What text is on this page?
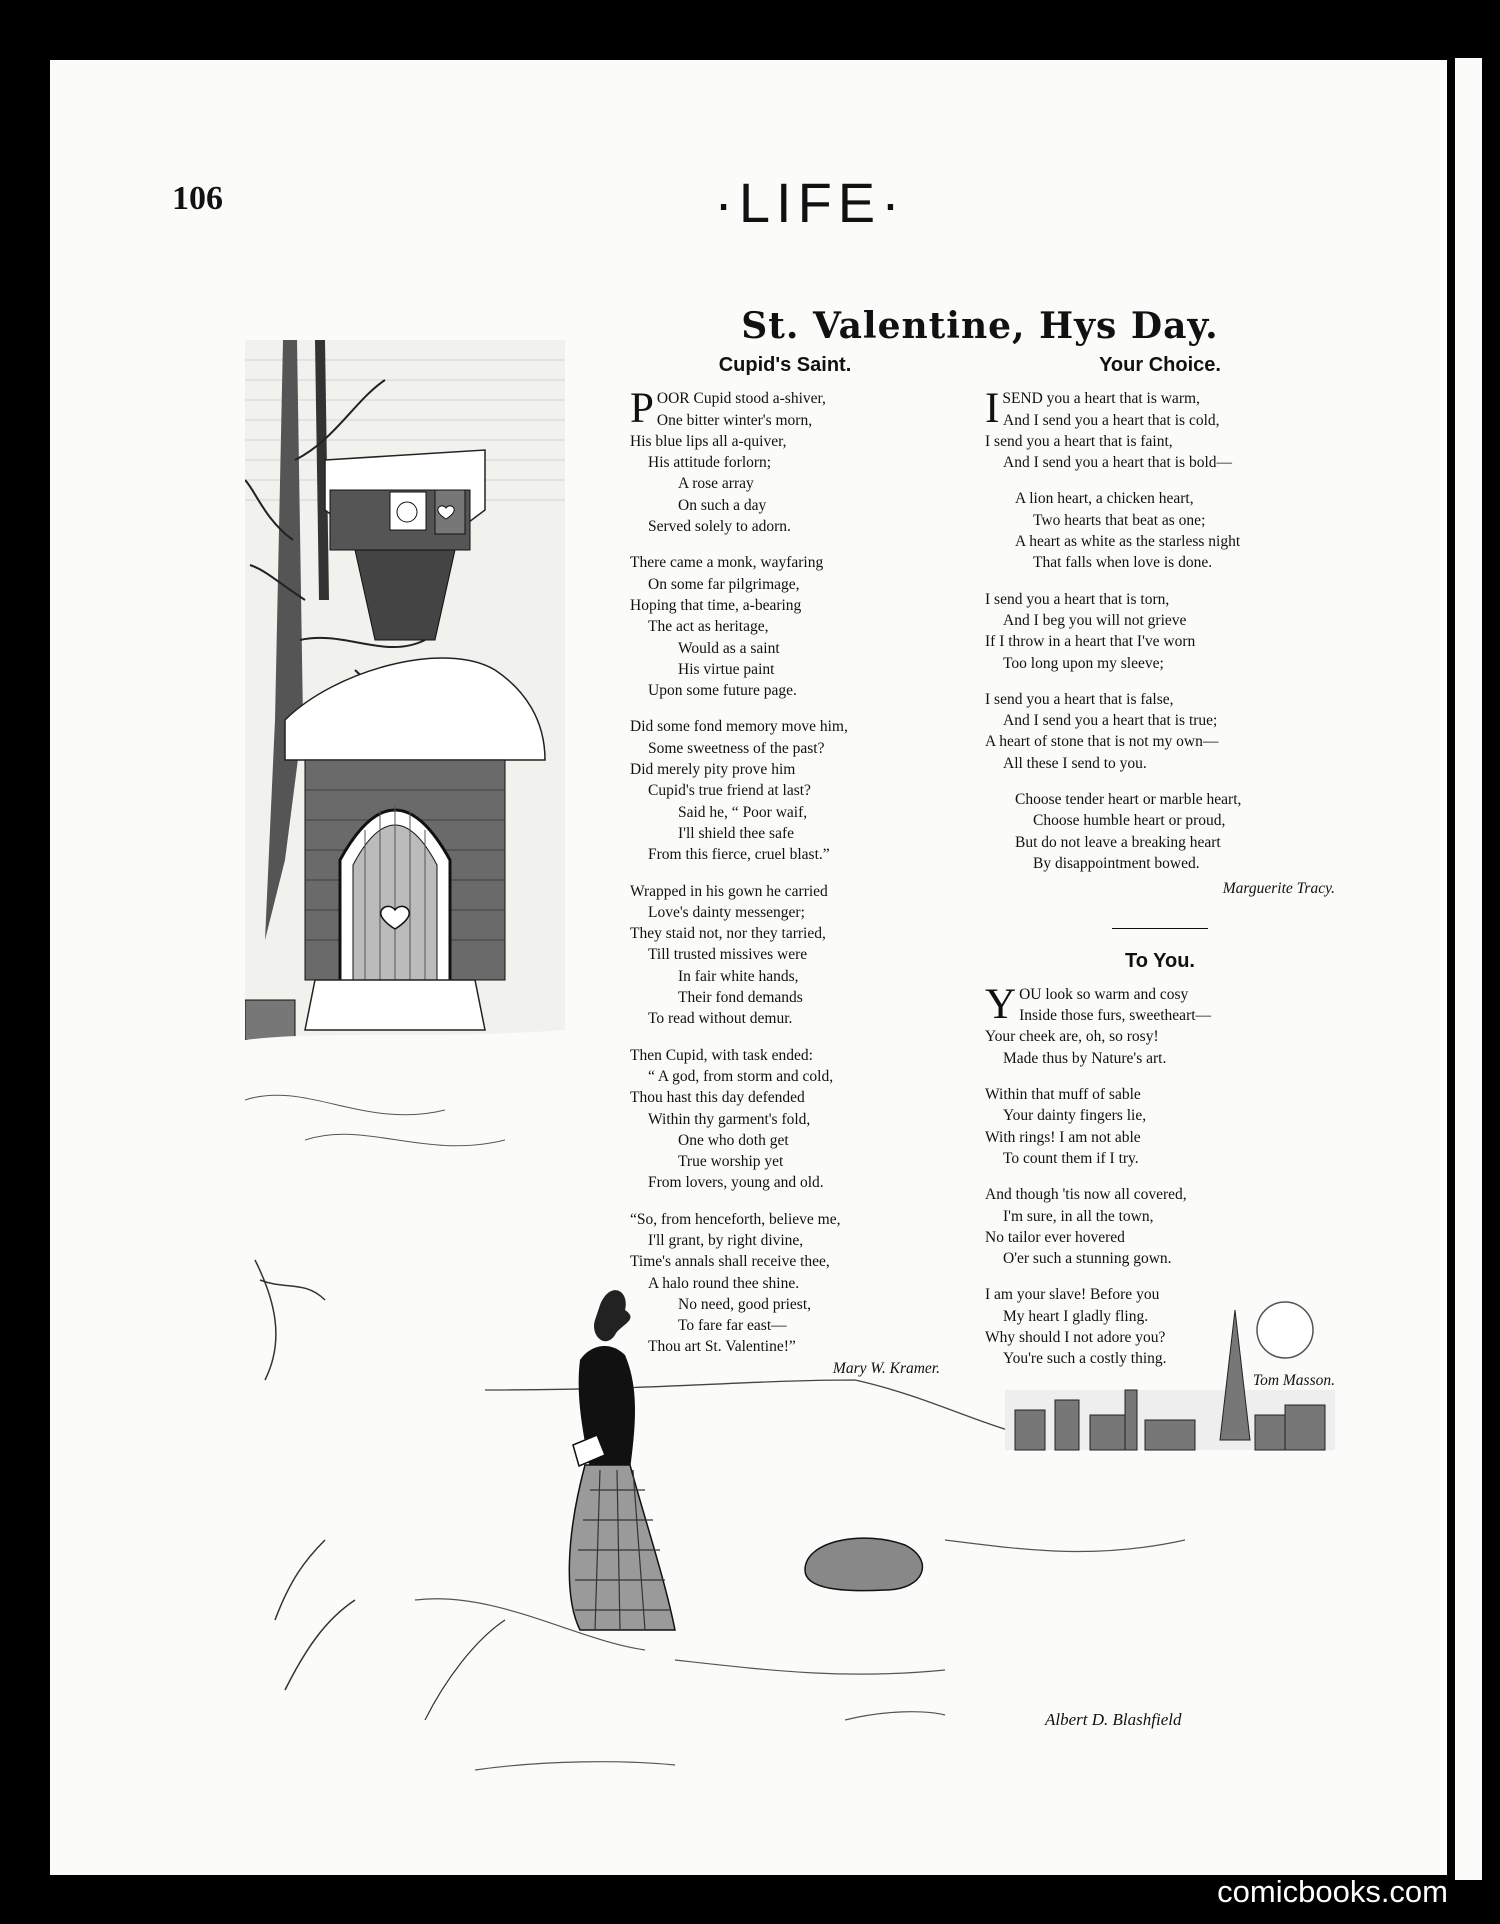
106	·LIFE·
St. Valentine, Hys Day.
Albert D. Blashfield
Cupid's Saint.
POOR Cupid stood a-shiver,
One bitter winter's morn,
His blue lips all a-quiver,
His attitude forlorn;
A rose array
On such a day
Served solely to adorn.
There came a monk, wayfaring
On some far pilgrimage,
Hoping that time, a-bearing
The act as heritage,
Would as a saint
His virtue paint
Upon some future page.
Did some fond memory move him,
Some sweetness of the past?
Did merely pity prove him
Cupid's true friend at last?
Said he, “ Poor waif,
I'll shield thee safe
From this fierce, cruel blast.”
Wrapped in his gown he carried
Love's dainty messenger;
They staid not, nor they tarried,
Till trusted missives were
In fair white hands,
Their fond demands
To read without demur.
Then Cupid, with task ended:
“ A god, from storm and cold,
Thou hast this day defended
Within thy garment's fold,
One who doth get
True worship yet
From lovers, young and old.
“So, from henceforth, believe me,
I'll grant, by right divine,
Time's annals shall receive thee,
A halo round thee shine.
No need, good priest,
To fare far east—
Thou art St. Valentine!”
Mary W. Kramer.
Your Choice.
ISEND you a heart that is warm,
And I send you a heart that is cold,
I send you a heart that is faint,
And I send you a heart that is bold—
A lion heart, a chicken heart,
Two hearts that beat as one;
A heart as white as the starless night
That falls when love is done.
I send you a heart that is torn,
And I beg you will not grieve
If I throw in a heart that I've worn
Too long upon my sleeve;
I send you a heart that is false,
And I send you a heart that is true;
A heart of stone that is not my own—
All these I send to you.
Choose tender heart or marble heart,
Choose humble heart or proud,
But do not leave a breaking heart
By disappointment bowed.
Marguerite Tracy.
To You.
YOU look so warm and cosy
Inside those furs, sweetheart—
Your cheek are, oh, so rosy!
Made thus by Nature's art.
Within that muff of sable
Your dainty fingers lie,
With rings! I am not able
To count them if I try.
And though 'tis now all covered,
I'm sure, in all the town,
No tailor ever hovered
O'er such a stunning gown.
I am your slave! Before you
My heart I gladly fling.
Why should I not adore you?
You're such a costly thing.
Tom Masson.
comicbooks.com
